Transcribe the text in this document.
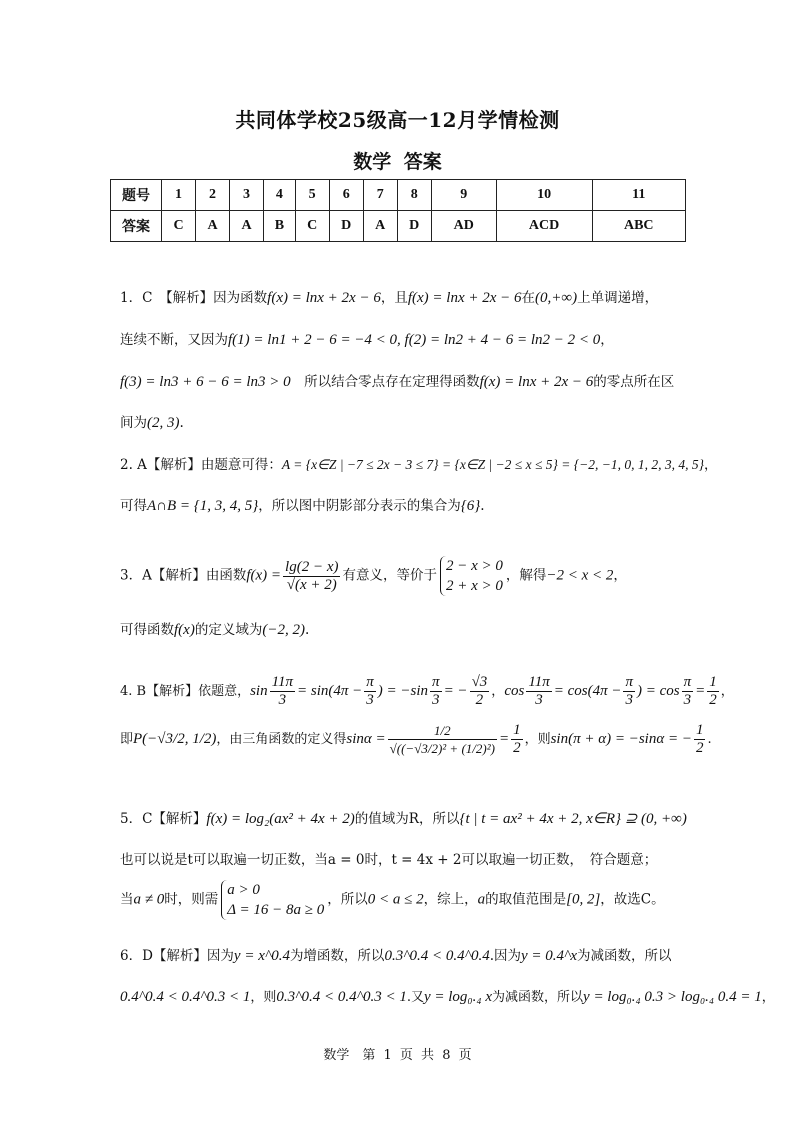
共同体学校25级高一12月学情检测
数学 答案
题号	1	2	3	4	5	6	7	8	9	10	11
答案	C	A	A	B	C	D	A	D	AD	ACD	ABC
1．C　【解析】因为函数f(x) = lnx + 2x − 6，且f(x) = lnx + 2x − 6在(0,+∞)上单调递增，
连续不断，又因为f(1) = ln1 + 2 − 6 = −4 < 0, f(2) = ln2 + 4 − 6 = ln2 − 2 < 0，
f(3) = ln3 + 6 − 6 = ln3 > 0　所以结合零点存在定理得函数f(x) = lnx + 2x − 6的零点所在区
间为(2, 3).
2. A【解析】由题意可得：A = {x∈Z | −7 ≤ 2x − 3 ≤ 7} = {x∈Z | −2 ≤ x ≤ 5} = {−2, −1, 0, 1, 2, 3, 4, 5}，
可得A∩B = {1, 3, 4, 5}，所以图中阴影部分表示的集合为{6}.
3．A【解析】由函数$f(x) = \frac{\lg(2 - x)}{√(x + 2)}$ 有意义，等价于
2 − x > 0
2 + x > 0
，解得−2 < x < 2，
可得函数f(x)的定义域为(−2, 2).
4. B【解析】依题意，$\sin \frac{11\pi}{3} = \sin(4\pi - \frac{\pi}{3}$ ) = $-\sin \frac{\pi}{3}$ = − $\frac{√3}{2}$ ，$\cos \frac{11\pi}{3} = \cos(4\pi - \frac{\pi}{3}$ ) = $\cos \frac{\pi}{3} = \frac{1}{2}$ ，
即P(−√3/2, 1/2)，由三角函数的定义得$\sin\alpha = \frac{1/2}{\text{√((−√3/2)² + (1/2)²)}} = \frac{1}{2}$ ，则sin(π + α) = −sinα = − $\frac{1}{2}$ .
5．C【解析】f(x) = log₂(ax² + 4x + 2)的值域为R，所以{t | t = ax² + 4x + 2, x∈R} ⊇ (0, +∞)
也可以说是t可以取遍一切正数，当a = 0时，t = 4x + 2可以取遍一切正数，　符合题意；
当a ≠ 0时，则需
a > 0
Δ = 16 − 8a ≥ 0
，所以0 < a ≤ 2，综上，a的取值范围是[0, 2]，故选C。
6．D【解析】因为y = x^0.4为增函数，所以0.3^0.4 < 0.4^0.4.因为y = 0.4^x为减函数，所以
0.4^0.4 < 0.4^0.3 < 1，则0.3^0.4 < 0.4^0.3 < 1.又y = log₀.₄ x为减函数，所以y = log₀.₄ 0.3 > log₀.₄ 0.4 = 1，
数学　第 1 页 共 8 页
